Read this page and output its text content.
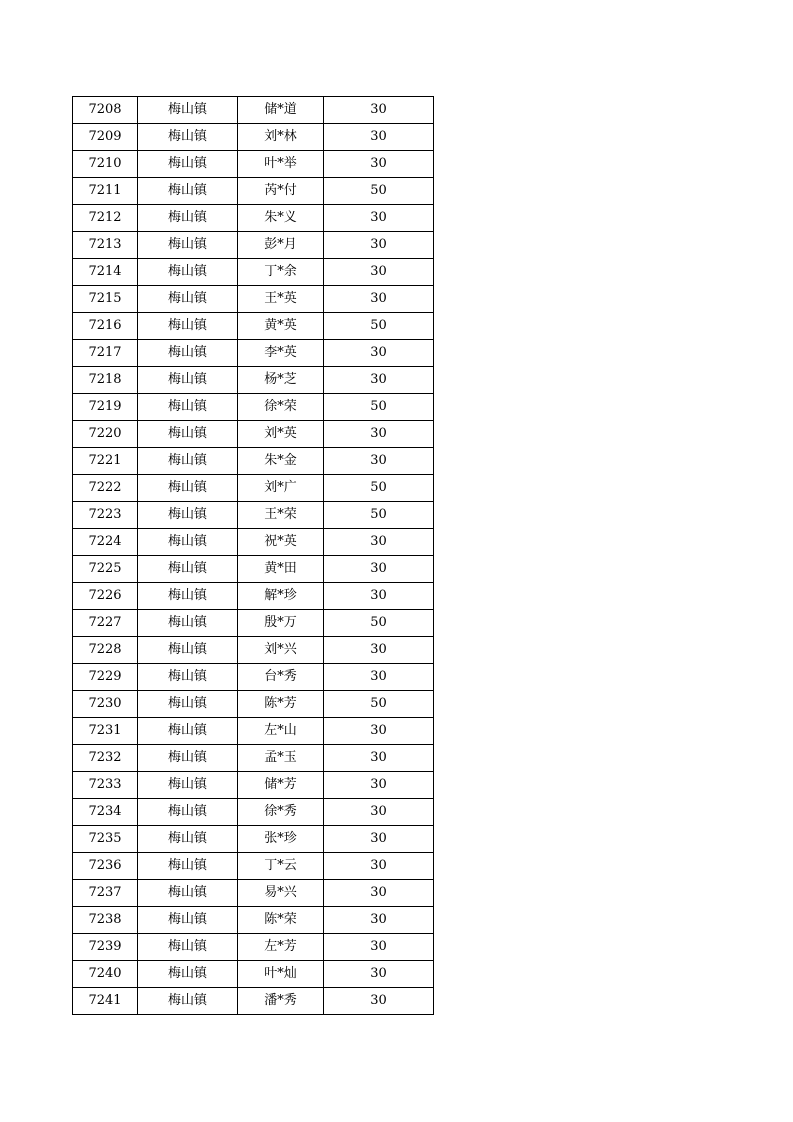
7208	梅山镇	储*道	30
7209	梅山镇	刘*林	30
7210	梅山镇	叶*举	30
7211	梅山镇	芮*付	50
7212	梅山镇	朱*义	30
7213	梅山镇	彭*月	30
7214	梅山镇	丁*余	30
7215	梅山镇	王*英	30
7216	梅山镇	黄*英	50
7217	梅山镇	李*英	30
7218	梅山镇	杨*芝	30
7219	梅山镇	徐*荣	50
7220	梅山镇	刘*英	30
7221	梅山镇	朱*金	30
7222	梅山镇	刘*广	50
7223	梅山镇	王*荣	50
7224	梅山镇	祝*英	30
7225	梅山镇	黄*田	30
7226	梅山镇	解*珍	30
7227	梅山镇	殷*万	50
7228	梅山镇	刘*兴	30
7229	梅山镇	台*秀	30
7230	梅山镇	陈*芳	50
7231	梅山镇	左*山	30
7232	梅山镇	孟*玉	30
7233	梅山镇	储*芳	30
7234	梅山镇	徐*秀	30
7235	梅山镇	张*珍	30
7236	梅山镇	丁*云	30
7237	梅山镇	易*兴	30
7238	梅山镇	陈*荣	30
7239	梅山镇	左*芳	30
7240	梅山镇	叶*灿	30
7241	梅山镇	潘*秀	30
